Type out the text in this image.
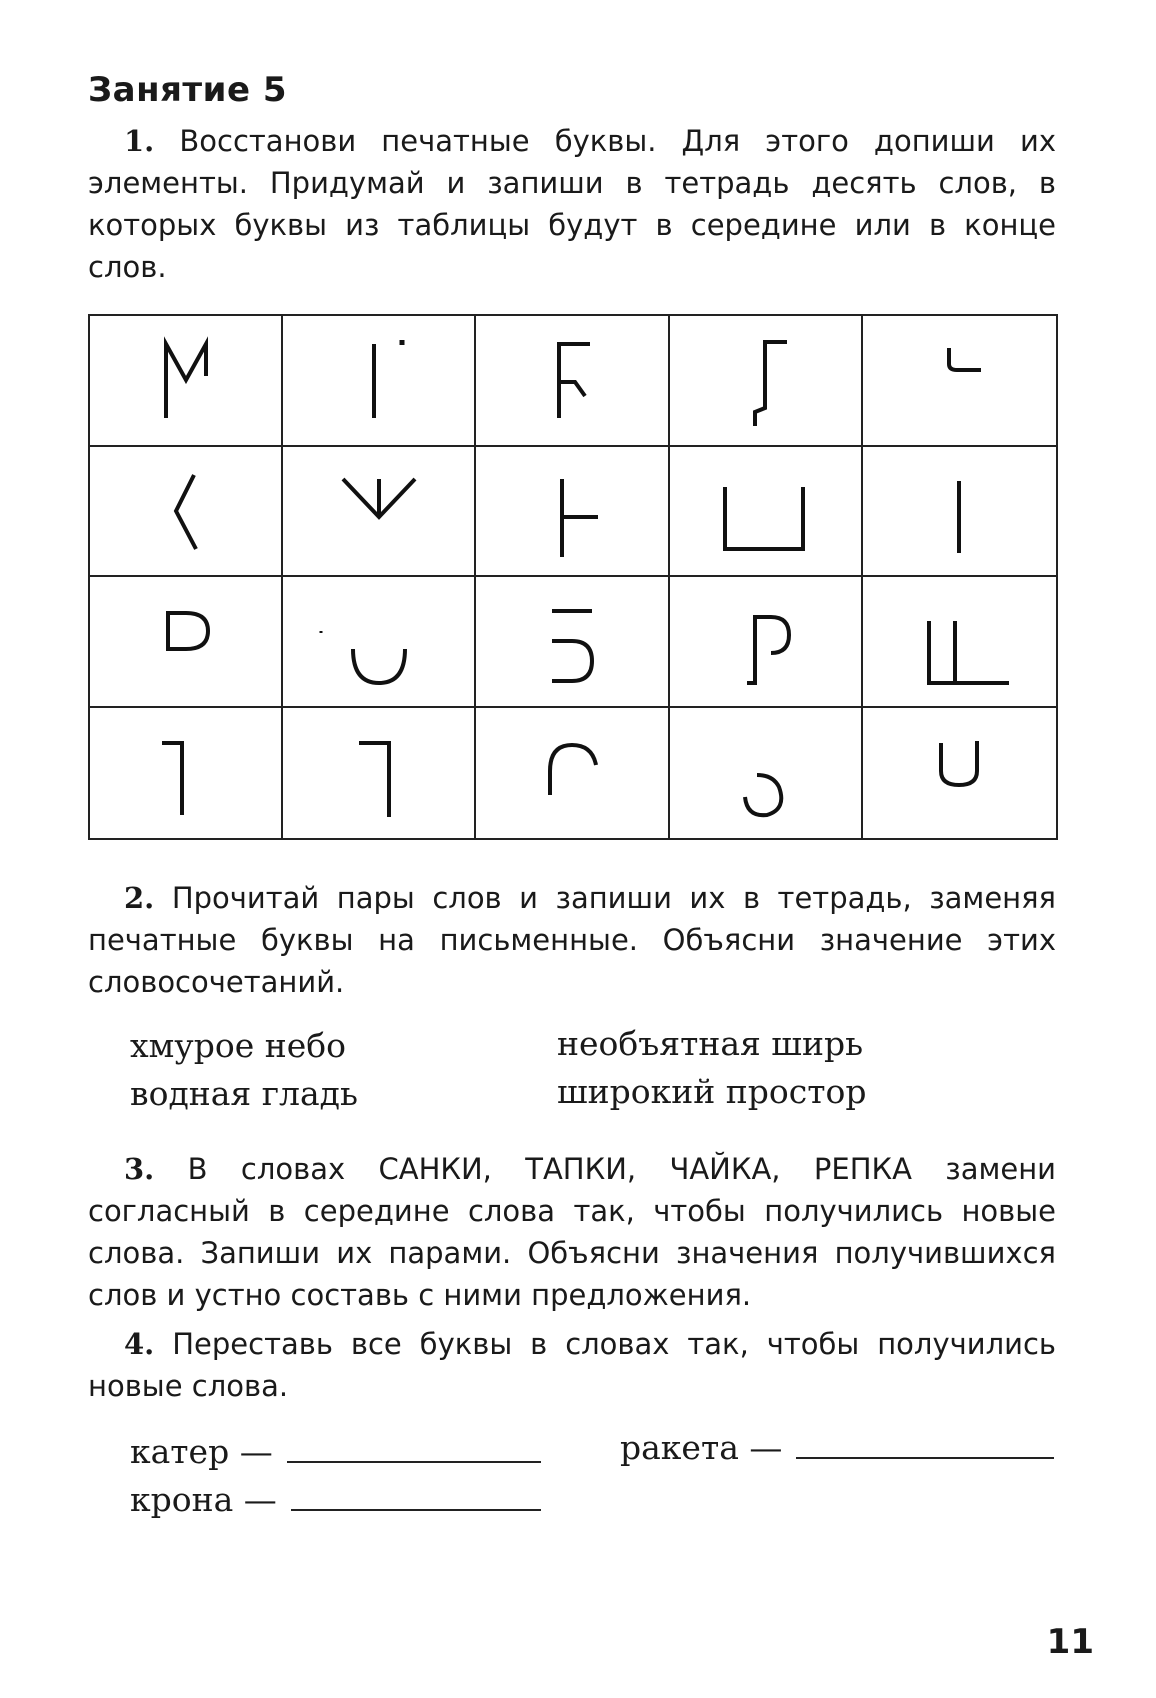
Занятие 5
1. Восстанови печатные буквы. Для этого допиши их элементы. Придумай и запиши в тетрадь десять слов, в которых буквы из таблицы будут в середине или в конце слов.
2. Прочитай пары слов и запиши их в тетрадь, заменяя печатные буквы на письменные. Объясни значение этих словосочетаний.
хмурое небо
водная гладь
необъятная ширь
широкий простор
3. В словах САНКИ, ТАПКИ, ЧАЙКА, РЕПКА замени согласный в середине слова так, чтобы получились новые слова. Запиши их парами. Объясни значения получившихся слов и устно составь с ними предложения.
4. Переставь все буквы в словах так, чтобы получились новые слова.
катер —	ракета —
крона —
11
